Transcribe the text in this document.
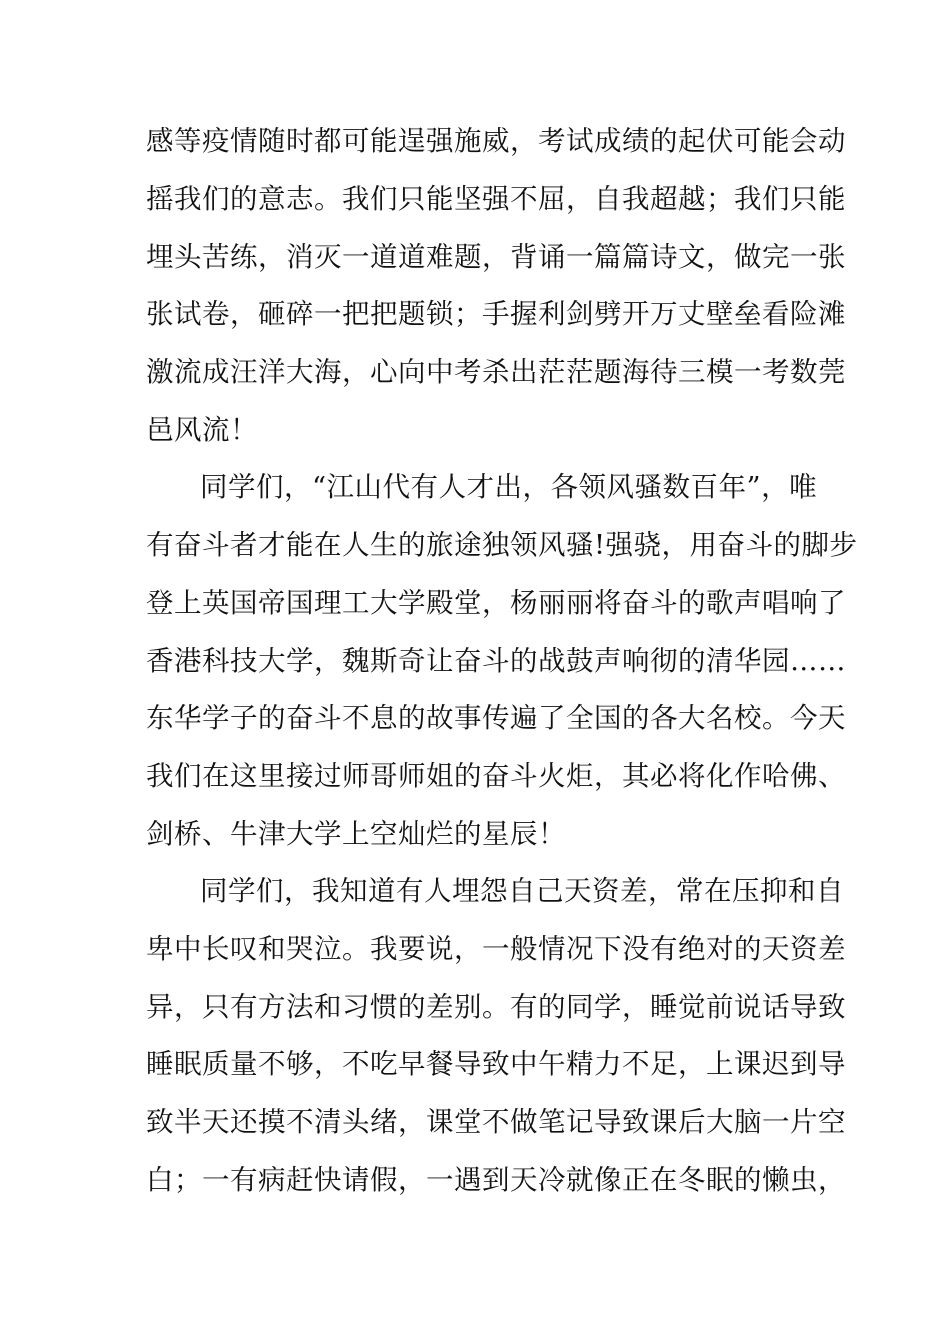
感等疫情随时都可能逞强施威，考试成绩的起伏可能会动
摇我们的意志。我们只能坚强不屈，自我超越；我们只能
埋头苦练，消灭一道道难题，背诵一篇篇诗文，做完一张
张试卷，砸碎一把把题锁；手握利剑劈开万丈壁垒看险滩
激流成汪洋大海，心向中考杀出茫茫题海待三模一考数莞
邑风流！
同学们，“江山代有人才出，各领风骚数百年”，唯
有奋斗者才能在人生的旅途独领风骚!强骁，用奋斗的脚步
登上英国帝国理工大学殿堂，杨丽丽将奋斗的歌声唱响了
香港科技大学，魏斯奇让奋斗的战鼓声响彻的清华园……
东华学子的奋斗不息的故事传遍了全国的各大名校。今天
我们在这里接过师哥师姐的奋斗火炬，其必将化作哈佛、
剑桥、牛津大学上空灿烂的星辰！
同学们，我知道有人埋怨自己天资差，常在压抑和自
卑中长叹和哭泣。我要说，一般情况下没有绝对的天资差
异，只有方法和习惯的差别。有的同学，睡觉前说话导致
睡眠质量不够，不吃早餐导致中午精力不足，上课迟到导
致半天还摸不清头绪，课堂不做笔记导致课后大脑一片空
白；一有病赶快请假，一遇到天冷就像正在冬眠的懒虫，
